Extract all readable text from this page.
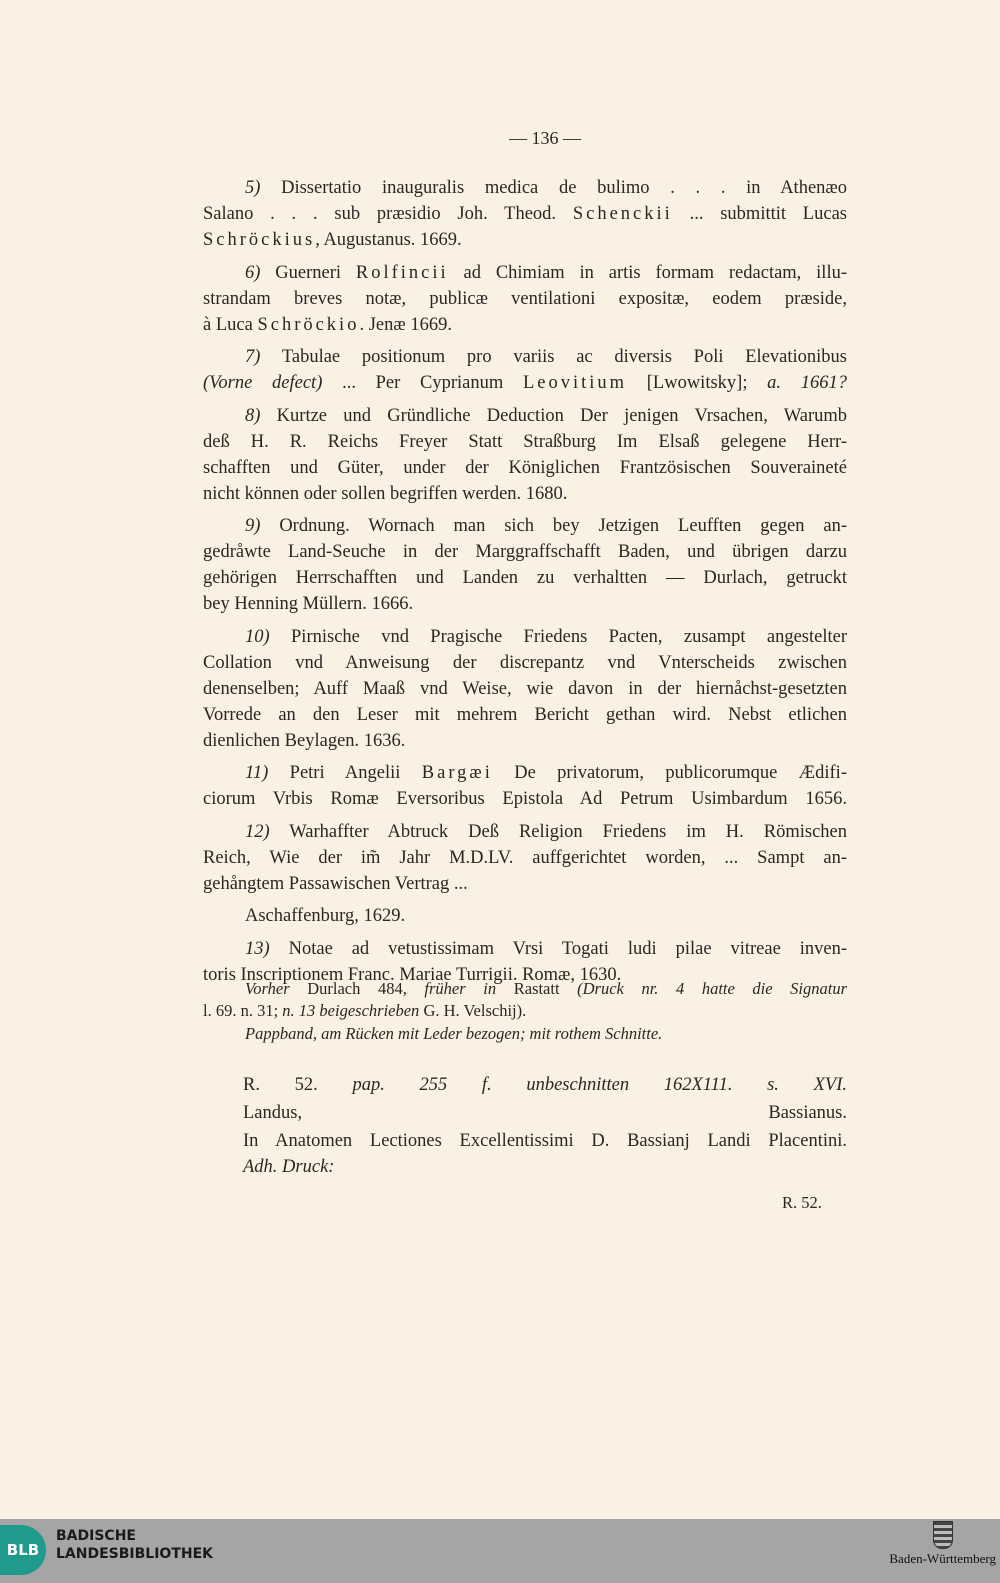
— 136 —
5) Dissertatio inauguralis medica de bulimo . . . in Athenæo
Salano . . . sub præsidio Joh. Theod. Schenckii ... submittit Lucas
Schröckius, Augustanus. 1669.
6) Guerneri Rolfincii ad Chimiam in artis formam redactam, illu-
strandam breves notæ, publicæ ventilationi expositæ, eodem præside,
à Luca Schröckio. Jenæ 1669.
7) Tabulae positionum pro variis ac diversis Poli Elevationibus
(Vorne defect) ... Per Cyprianum Leovitium [Lwowitsky]; a. 1661?
8) Kurtze und Gründliche Deduction Der jenigen Vrsachen, Warumb
deß H. R. Reichs Freyer Statt Straßburg Im Elsaß gelegene Herr-
schafften und Güter, under der Königlichen Frantzösischen Souveraineté
nicht können oder sollen begriffen werden. 1680.
9) Ordnung. Wornach man sich bey Jetzigen Leufften gegen an-
gedråwte Land-Seuche in der Marggraffschafft Baden, und übrigen darzu
gehörigen Herrschafften und Landen zu verhaltten — Durlach, getruckt
bey Henning Müllern. 1666.
10) Pirnische vnd Pragische Friedens Pacten, zusampt angestelter
Collation vnd Anweisung der discrepantz vnd Vnterscheids zwischen
denenselben; Auff Maaß vnd Weise, wie davon in der hiernåchst-gesetzten
Vorrede an den Leser mit mehrem Bericht gethan wird. Nebst etlichen
dienlichen Beylagen. 1636.
11) Petri Angelii Bargæi De privatorum, publicorumque Ædifi-
ciorum Vrbis Romæ Eversoribus Epistola Ad Petrum Usimbardum 1656.
12) Warhaffter Abtruck Deß Religion Friedens im H. Römischen
Reich, Wie der im̃ Jahr M.D.LV. auffgerichtet worden, ... Sampt an-
gehångtem Passawischen Vertrag ...
Aschaffenburg, 1629.
13) Notae ad vetustissimam Vrsi Togati ludi pilae vitreae inven-
toris Inscriptionem Franc. Mariae Turrigii. Romæ, 1630.
Vorher Durlach 484, früher in Rastatt (Druck nr. 4 hatte die Signatur
l. 69. n. 31; n. 13 beigeschrieben G. H. Velschij).
Pappband, am Rücken mit Leder bezogen; mit rothem Schnitte.
R. 52. pap. 255 f. unbeschnitten 162X111. s. XVI.
Landus, Bassianus.
In Anatomen Lectiones Excellentissimi D. Bassianj Landi Placentini.
Adh. Druck:
R. 52.
BLB
BADISCHE
LANDESBIBLIOTHEK	Baden-Württemberg
